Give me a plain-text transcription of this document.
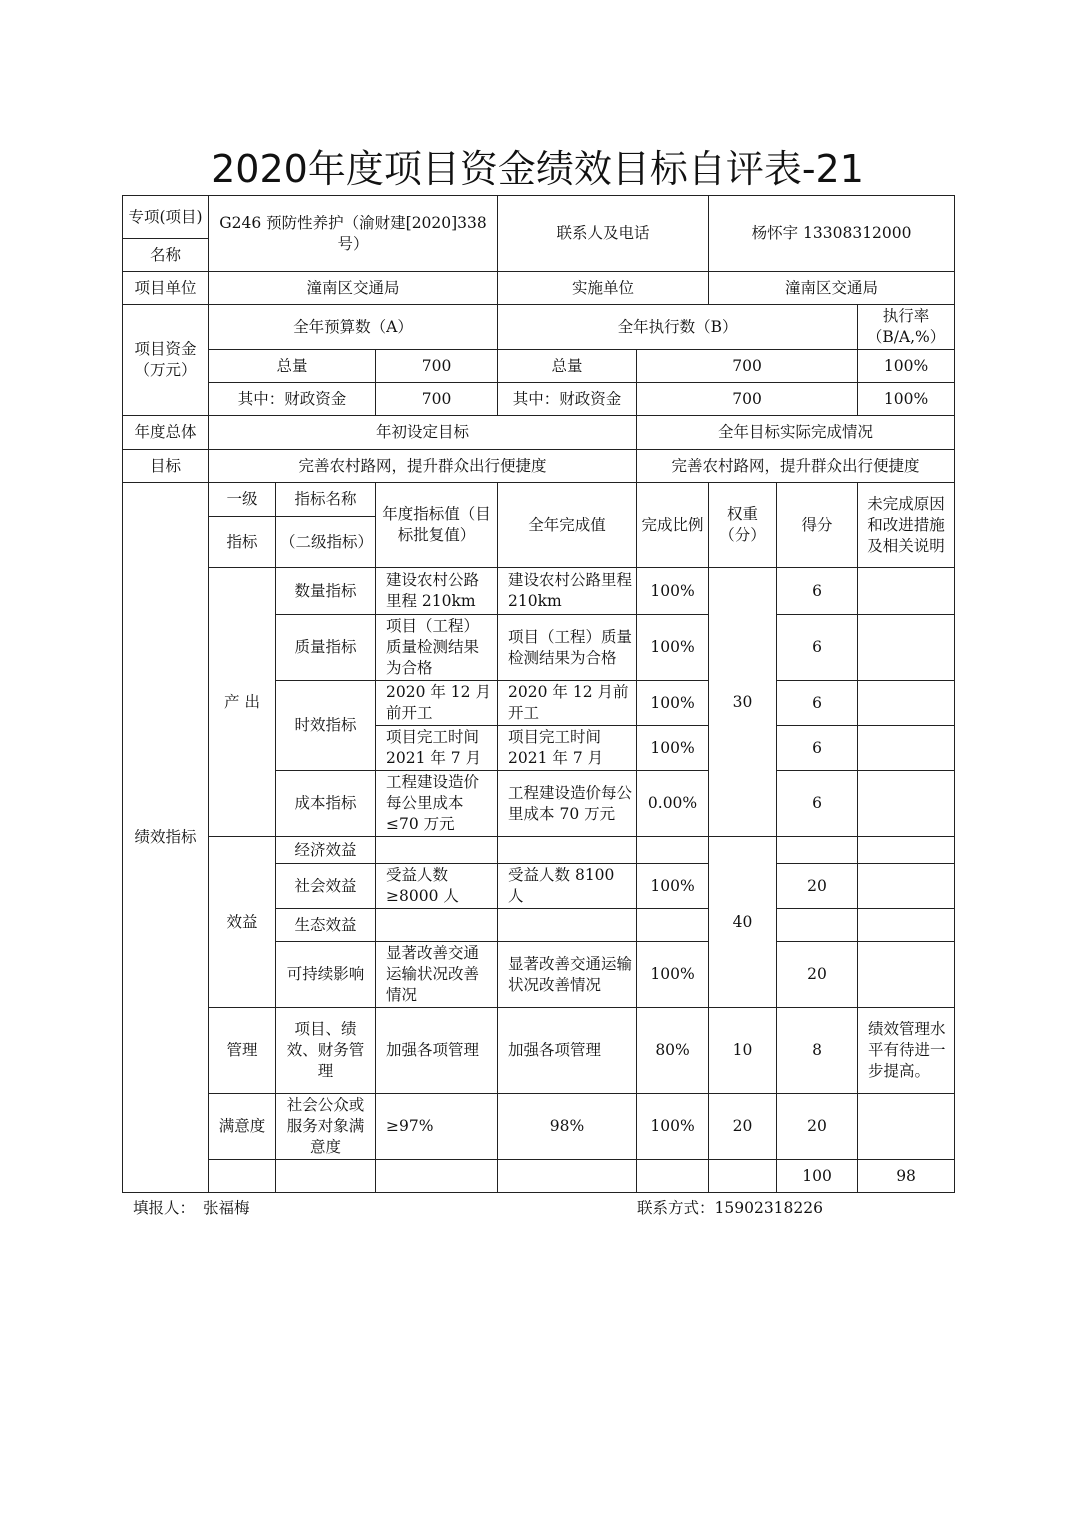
2020年度项目资金绩效目标自评表-21
专项(项目)	G246 预防性养护（渝财建[2020]338号）			联系人及电话		杨怀宇 13308312000			
名称									
项目单位	潼南区交通局			实施单位		潼南区交通局			
项目资金（万元）	全年预算数（A）			全年执行数（B）				执行率（B/A,%）	
	总量		700	总量	700			100%	
	其中：财政资金		700	其中：财政资金	700			100%	
年度总体	年初设定目标				全年目标实际完成情况				
目标	完善农村路网，提升群众出行便捷度				完善农村路网，提升群众出行便捷度				
绩效指标	一级	指标名称	年度指标值（目标批复值）	全年完成值	完成比例	权重（分）	得分	未完成原因和改进措施及相关说明	
	指标	（二级指标）							
	产 出	数量指标	建设农村公路里程 210km	建设农村公路里程 210km	100%	30	6		
		质量指标	项目（工程）质量检测结果为合格	项目（工程）质量检测结果为合格	100%		6		
		时效指标	2020 年 12 月前开工	2020 年 12 月前开工	100%		6		
			项目完工时间 2021 年 7 月	项目完工时间 2021 年 7 月	100%		6		
		成本指标	工程建设造价每公里成本≤70 万元	工程建设造价每公里成本 70 万元	0.00%		6		
	效益	经济效益				40			
		社会效益	受益人数≥8000 人	受益人数 8100 人	100%		20		
		生态效益							
		可持续影响	显著改善交通运输状况改善情况	显著改善交通运输状况改善情况	100%		20		
	管理	项目、绩效、财务管理	加强各项管理	加强各项管理	80%	10	8	绩效管理水平有待进一步提高。	
	满意度	社会公众或服务对象满意度	≥97%	98%	100%	20	20		
							100	98	
填报人： 张福梅	联系方式：15902318226
